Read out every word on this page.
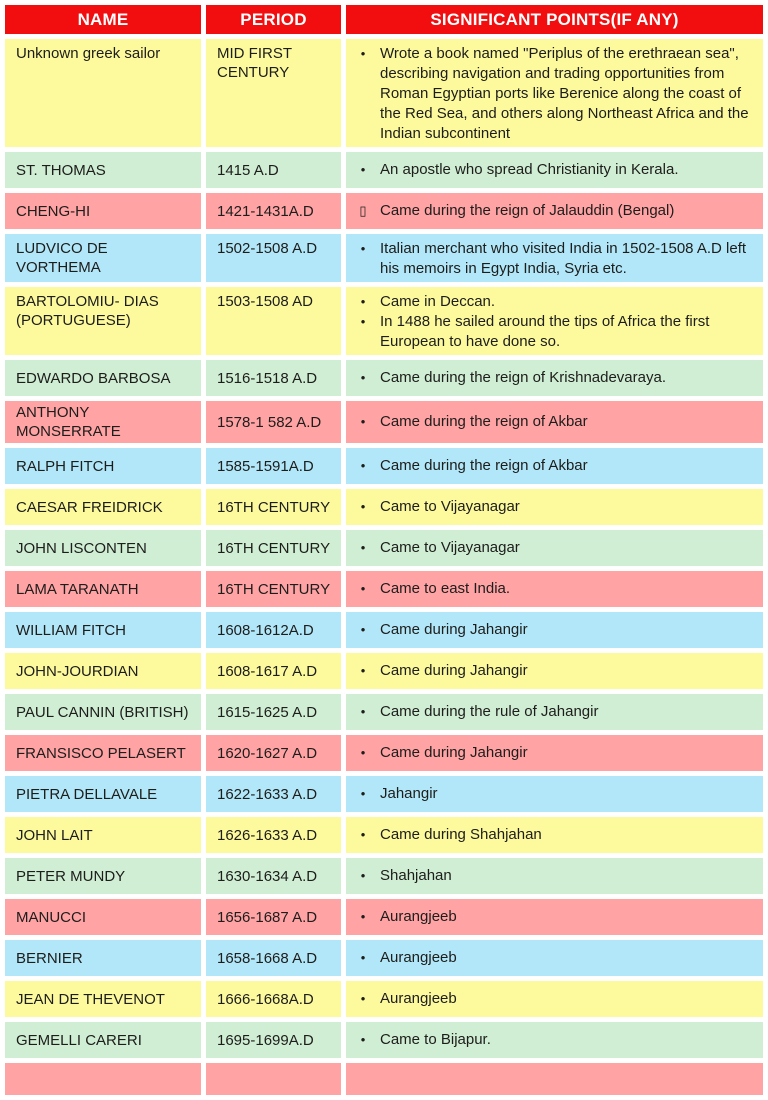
NAME	PERIOD	SIGNIFICANT POINTS(IF ANY)
Unknown greek sailor	MID FIRST CENTURY	• Wrote a book named "Periplus of the erethraean sea", describing navigation and trading opportunities from Roman Egyptian ports like Berenice along the coast of the Red Sea, and others along Northeast Africa and the Indian subcontinent

ST. THOMAS	1415 A.D	• An apostle who spread Christianity in Kerala.

CHENG-HI	1421-1431A.D	▯ Came during the reign of Jalauddin (Bengal)

LUDVICO DE VORTHEMA	1502-1508 A.D	• Italian merchant who visited India in 1502-1508 A.D left his memoirs in Egypt India, Syria etc.

BARTOLOMIU- DIAS (PORTUGUESE)	1503-1508 AD	• Came in Deccan.
• In 1488 he sailed around the tips of Africa the first European to have done so.

EDWARDO BARBOSA	1516-1518 A.D	• Came during the reign of Krishnadevaraya.

ANTHONY MONSERRATE	1578-1 582 A.D	• Came during the reign of Akbar

RALPH FITCH	1585-1591A.D	• Came during the reign of Akbar

CAESAR FREIDRICK	16TH CENTURY	• Came to Vijayanagar

JOHN LISCONTEN	16TH CENTURY	• Came to Vijayanagar

LAMA TARANATH	16TH CENTURY	• Came to east India.

WILLIAM FITCH	1608-1612A.D	• Came during Jahangir

JOHN-JOURDIAN	1608-1617 A.D	• Came during Jahangir

PAUL CANNIN (BRITISH)	1615-1625 A.D	• Came during the rule of Jahangir

FRANSISCO PELASERT	1620-1627 A.D	• Came during Jahangir

PIETRA DELLAVALE	1622-1633 A.D	• Jahangir

JOHN LAIT	1626-1633 A.D	• Came during Shahjahan

PETER MUNDY	1630-1634 A.D	• Shahjahan

MANUCCI	1656-1687 A.D	• Aurangjeeb

BERNIER	1658-1668 A.D	• Aurangjeeb

JEAN DE THEVENOT	1666-1668A.D	• Aurangjeeb

GEMELLI CARERI	1695-1699A.D	• Came to Bijapur.
